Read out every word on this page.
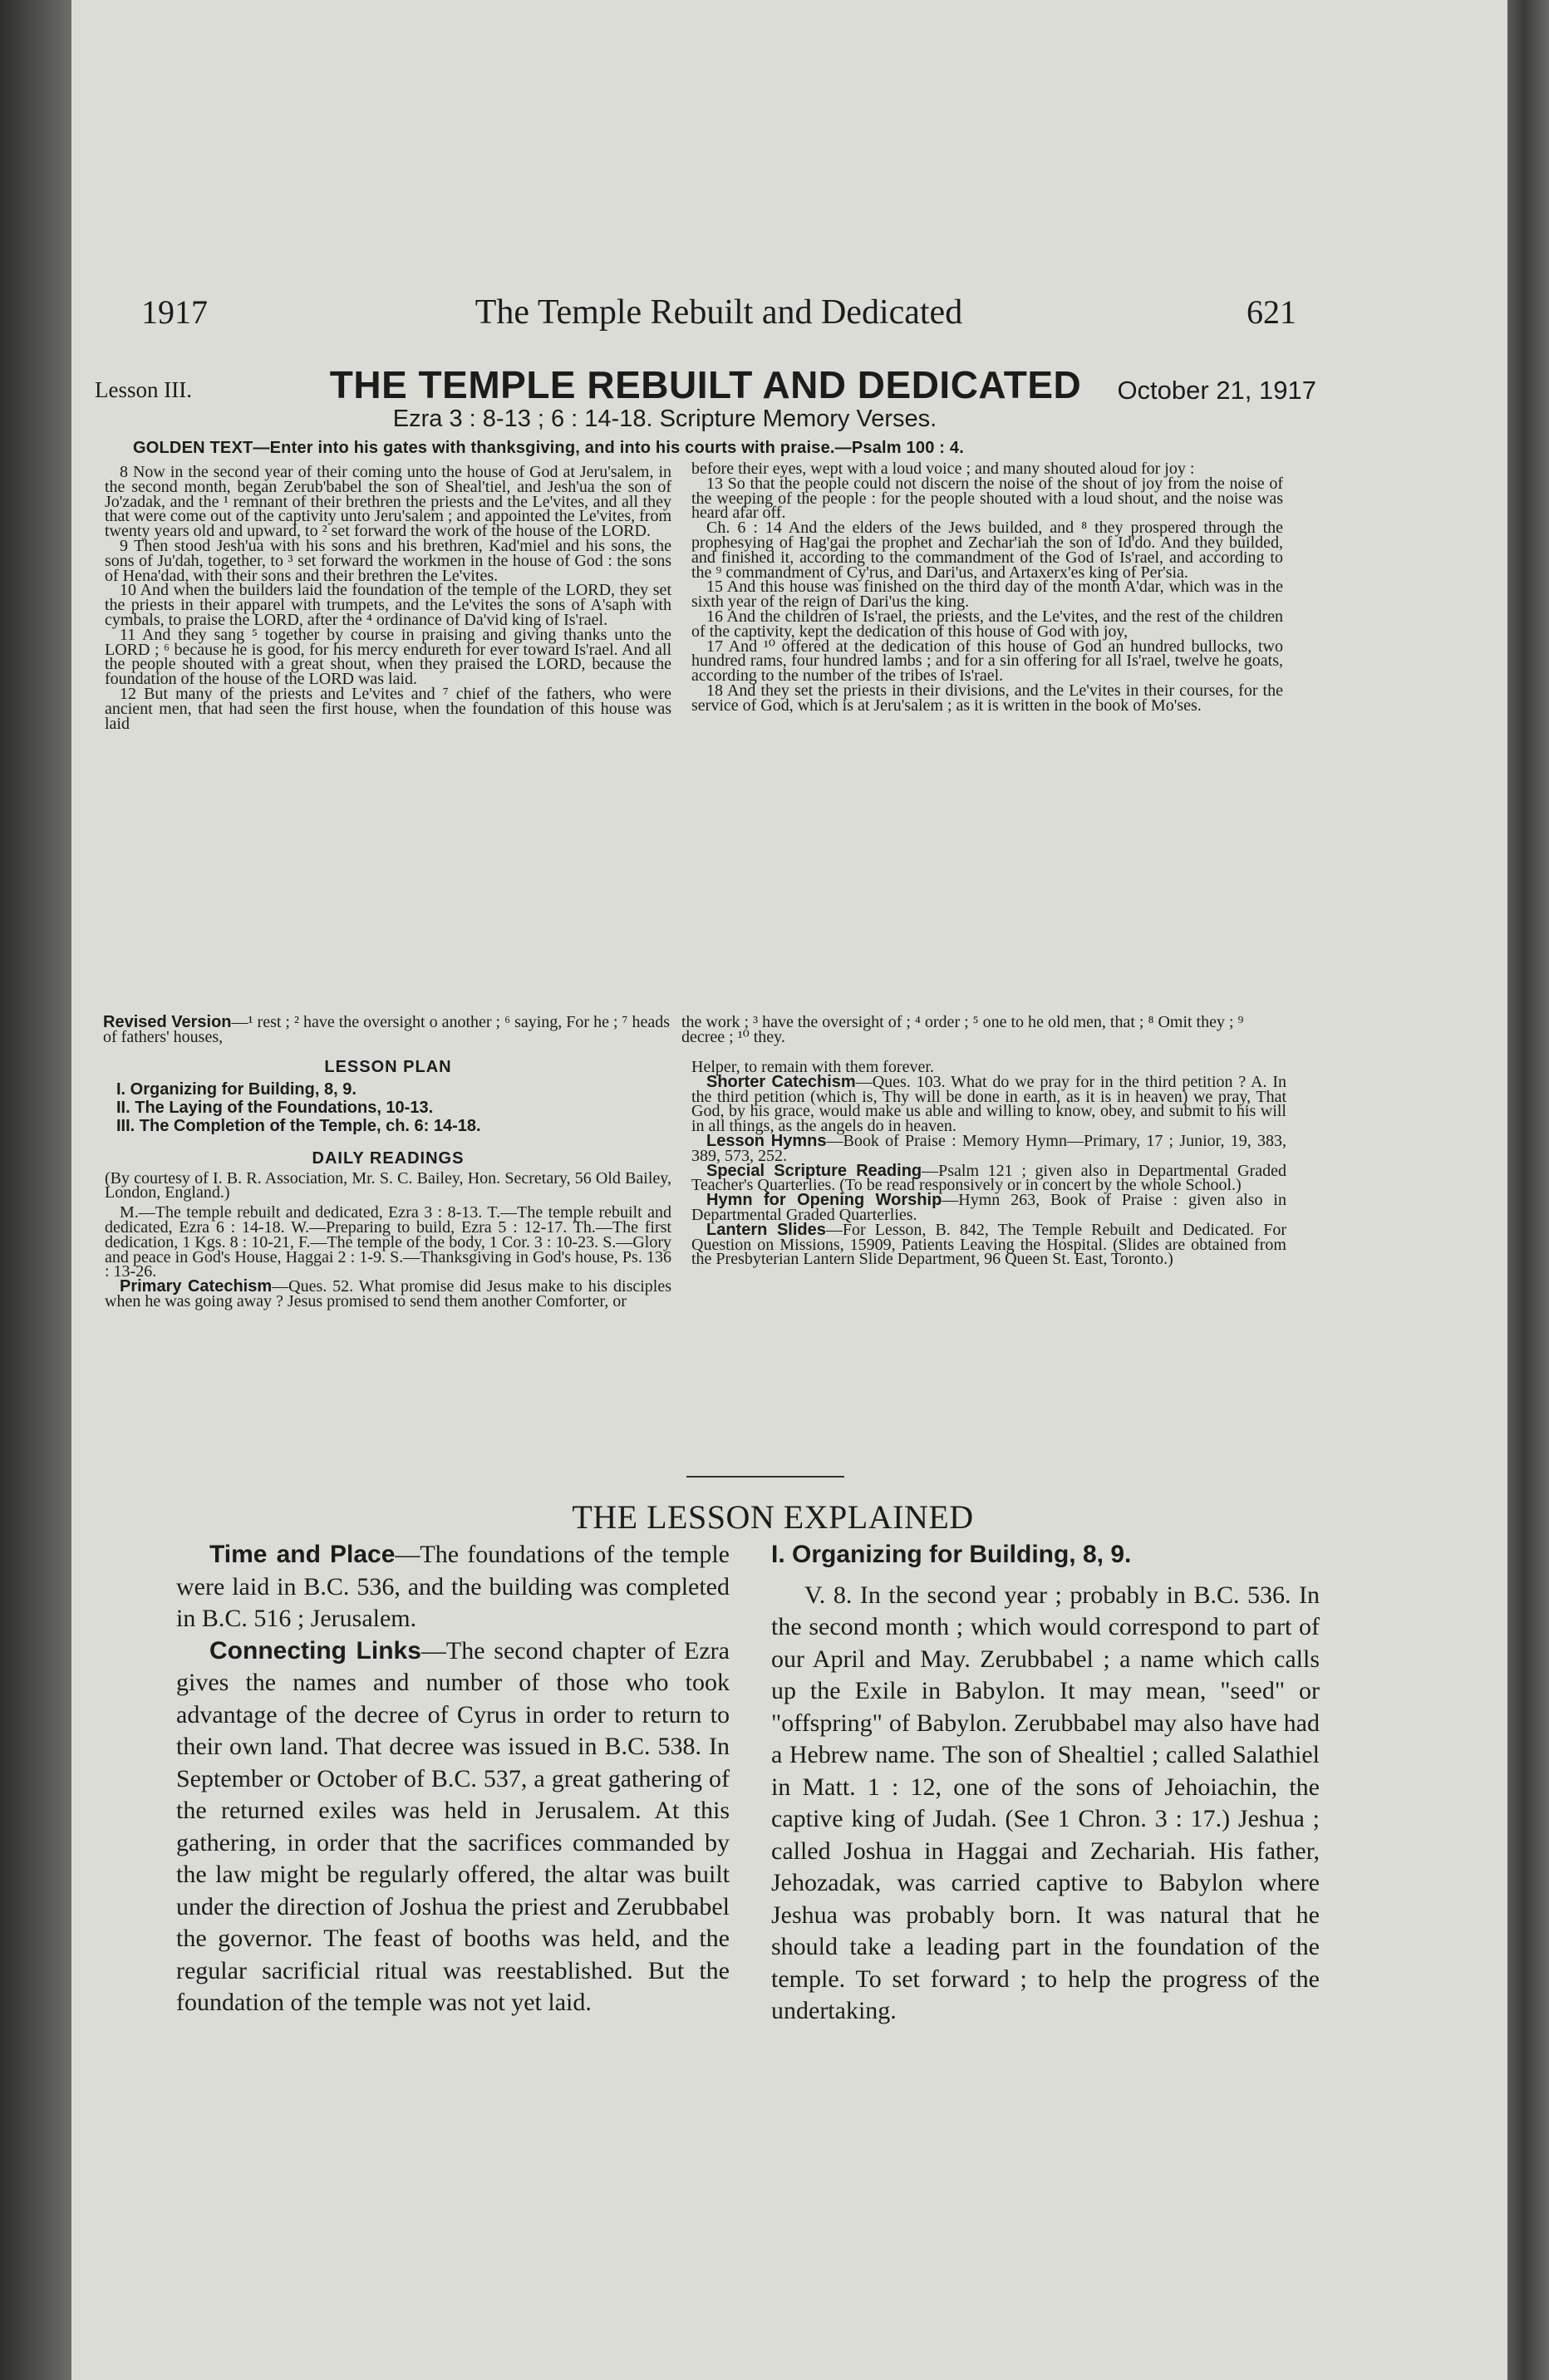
1917	The Temple Rebuilt and Dedicated	621
Lesson III.	THE TEMPLE REBUILT AND DEDICATED	October 21, 1917
Ezra 3 : 8-13 ; 6 : 14-18. Scripture Memory Verses.
GOLDEN TEXT—Enter into his gates with thanksgiving, and into his courts with praise.—Psalm 100 : 4.

8 Now in the second year of their coming unto the house of God at Jeru'salem, in the second month, began Zerub'babel the son of Sheal'tiel, and Jesh'ua the son of Jo'zadak, and the ¹ remnant of their brethren the priests and the Le'vites, and all they that were come out of the captivity unto Jeru'salem ; and appointed the Le'vites, from twenty years old and upward, to ² set forward the work of the house of the LORD.

9 Then stood Jesh'ua with his sons and his brethren, Kad'miel and his sons, the sons of Ju'dah, together, to ³ set forward the workmen in the house of God : the sons of Hena'dad, with their sons and their brethren the Le'vites.

10 And when the builders laid the foundation of the temple of the LORD, they set the priests in their apparel with trumpets, and the Le'vites the sons of A'saph with cymbals, to praise the LORD, after the ⁴ ordinance of Da'vid king of Is'rael.

11 And they sang ⁵ together by course in praising and giving thanks unto the LORD ; ⁶ because he is good, for his mercy endureth for ever toward Is'rael. And all the people shouted with a great shout, when they praised the LORD, because the foundation of the house of the LORD was laid.

12 But many of the priests and Le'vites and ⁷ chief of the fathers, who were ancient men, that had seen the first house, when the foundation of this house was laid

before their eyes, wept with a loud voice ; and many shouted aloud for joy :

13 So that the people could not discern the noise of the shout of joy from the noise of the weeping of the people : for the people shouted with a loud shout, and the noise was heard afar off.

Ch. 6 : 14 And the elders of the Jews builded, and ⁸ they prospered through the prophesying of Hag'gai the prophet and Zechar'iah the son of Id'do. And they builded, and finished it, according to the commandment of the God of Is'rael, and according to the ⁹ commandment of Cy'rus, and Dari'us, and Artaxerx'es king of Per'sia.

15 And this house was finished on the third day of the month A'dar, which was in the sixth year of the reign of Dari'us the king.

16 And the children of Is'rael, the priests, and the Le'vites, and the rest of the children of the captivity, kept the dedication of this house of God with joy,

17 And ¹⁰ offered at the dedication of this house of God an hundred bullocks, two hundred rams, four hundred lambs ; and for a sin offering for all Is'rael, twelve he goats, according to the number of the tribes of Is'rael.

18 And they set the priests in their divisions, and the Le'vites in their courses, for the service of God, which is at Jeru'salem ; as it is written in the book of Mo'ses.

Revised Version—¹ rest ; ² have the oversight o another ; ⁶ saying, For he ; ⁷ heads of fathers' houses,
the work ; ³ have the oversight of ; ⁴ order ; ⁵ one to he old men, that ; ⁸ Omit they ; ⁹ decree ; ¹⁰ they.
LESSON PLAN
I. Organizing for Building, 8, 9.
II. The Laying of the Foundations, 10-13.
III. The Completion of the Temple, ch. 6: 14-18.
DAILY READINGS

(By courtesy of I. B. R. Association, Mr. S. C. Bailey, Hon. Secretary, 56 Old Bailey, London, England.)

M.—The temple rebuilt and dedicated, Ezra 3 : 8-13. T.—The temple rebuilt and dedicated, Ezra 6 : 14-18. W.—Preparing to build, Ezra 5 : 12-17. Th.—The first dedication, 1 Kgs. 8 : 10-21, F.—The temple of the body, 1 Cor. 3 : 10-23. S.—Glory and peace in God's House, Haggai 2 : 1-9. S.—Thanksgiving in God's house, Ps. 136 : 13-26.

Primary Catechism—Ques. 52. What promise did Jesus make to his disciples when he was going away ? Jesus promised to send them another Comforter, or

Helper, to remain with them forever.

Shorter Catechism—Ques. 103. What do we pray for in the third petition ? A. In the third petition (which is, Thy will be done in earth, as it is in heaven) we pray, That God, by his grace, would make us able and willing to know, obey, and submit to his will in all things, as the angels do in heaven.

Lesson Hymns—Book of Praise : Memory Hymn—Primary, 17 ; Junior, 19, 383, 389, 573, 252.

Special Scripture Reading—Psalm 121 ; given also in Departmental Graded Teacher's Quarterlies. (To be read responsively or in concert by the whole School.)

Hymn for Opening Worship—Hymn 263, Book of Praise : given also in Departmental Graded Quarterlies.

Lantern Slides—For Lesson, B. 842, The Temple Rebuilt and Dedicated. For Question on Missions, 15909, Patients Leaving the Hospital. (Slides are obtained from the Presbyterian Lantern Slide Department, 96 Queen St. East, Toronto.)

THE LESSON EXPLAINED

Time and Place—The foundations of the temple were laid in B.C. 536, and the building was completed in B.C. 516 ; Jerusalem.

Connecting Links—The second chapter of Ezra gives the names and number of those who took advantage of the decree of Cyrus in order to return to their own land. That decree was issued in B.C. 538. In September or October of B.C. 537, a great gathering of the returned exiles was held in Jerusalem. At this gathering, in order that the sacrifices commanded by the law might be regularly offered, the altar was built under the direction of Joshua the priest and Zerubbabel the governor. The feast of booths was held, and the regular sacrificial ritual was reestablished. But the foundation of the temple was not yet laid.

I. Organizing for Building, 8, 9.

V. 8. In the second year ; probably in B.C. 536. In the second month ; which would correspond to part of our April and May. Zerubbabel ; a name which calls up the Exile in Babylon. It may mean, "seed" or "offspring" of Babylon. Zerubbabel may also have had a Hebrew name. The son of Shealtiel ; called Salathiel in Matt. 1 : 12, one of the sons of Jehoiachin, the captive king of Judah. (See 1 Chron. 3 : 17.) Jeshua ; called Joshua in Haggai and Zechariah. His father, Jehozadak, was carried captive to Babylon where Jeshua was probably born. It was natural that he should take a leading part in the foundation of the temple. To set forward ; to help the progress of the undertaking.
